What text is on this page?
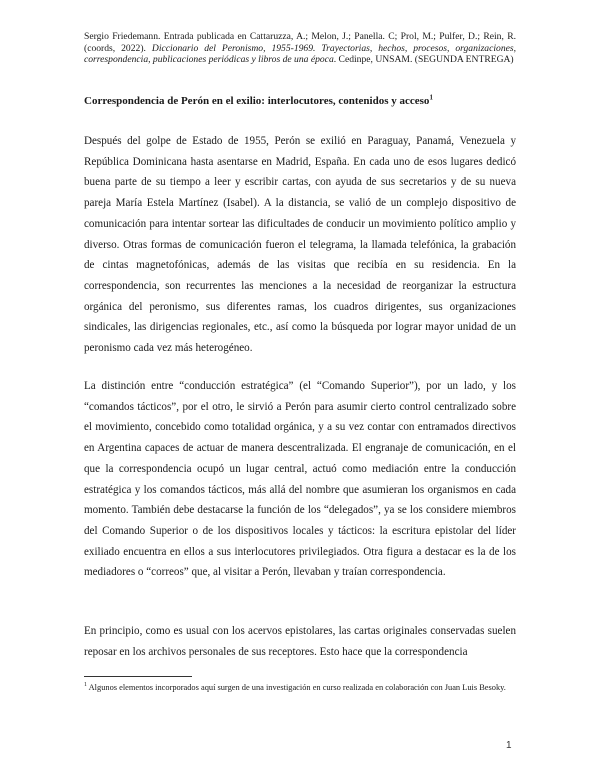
Sergio Friedemann. Entrada publicada en Cattaruzza, A.; Melon, J.; Panella. C; Prol, M.; Pulfer, D.; Rein, R. (coords, 2022). Diccionario del Peronismo, 1955-1969. Trayectorias, hechos, procesos, organizaciones, correspondencia, publicaciones periódicas y libros de una época. Cedinpe, UNSAM. (SEGUNDA ENTREGA)
Correspondencia de Perón en el exilio: interlocutores, contenidos y acceso$^1$

Después del golpe de Estado de 1955, Perón se exilió en Paraguay, Panamá, Venezuela y República Dominicana hasta asentarse en Madrid, España. En cada uno de esos lugares dedicó buena parte de su tiempo a leer y escribir cartas, con ayuda de sus secretarios y de su nueva pareja María Estela Martínez (Isabel). A la distancia, se valió de un complejo dispositivo de comunicación para intentar sortear las dificultades de conducir un movimiento político amplio y diverso. Otras formas de comunicación fueron el telegrama, la llamada telefónica, la grabación de cintas magnetofónicas, además de las visitas que recibía en su residencia. En la correspondencia, son recurrentes las menciones a la necesidad de reorganizar la estructura orgánica del peronismo, sus diferentes ramas, los cuadros dirigentes, sus organizaciones sindicales, las dirigencias regionales, etc., así como la búsqueda por lograr mayor unidad de un peronismo cada vez más heterogéneo.

La distinción entre “conducción estratégica” (el “Comando Superior”), por un lado, y los “comandos tácticos”, por el otro, le sirvió a Perón para asumir cierto control centralizado sobre el movimiento, concebido como totalidad orgánica, y a su vez contar con entramados directivos en Argentina capaces de actuar de manera descentralizada. El engranaje de comunicación, en el que la correspondencia ocupó un lugar central, actuó como mediación entre la conducción estratégica y los comandos tácticos, más allá del nombre que asumieran los organismos en cada momento. También debe destacarse la función de los “delegados”, ya se los considere miembros del Comando Superior o de los dispositivos locales y tácticos: la escritura epistolar del líder exiliado encuentra en ellos a sus interlocutores privilegiados. Otra figura a destacar es la de los mediadores o “correos” que, al visitar a Perón, llevaban y traían correspondencia.

En principio, como es usual con los acervos epistolares, las cartas originales conservadas suelen reposar en los archivos personales de sus receptores. Esto hace que la correspondencia

$^1$ Algunos elementos incorporados aquí surgen de una investigación en curso realizada en colaboración con Juan Luis Besoky.
1
